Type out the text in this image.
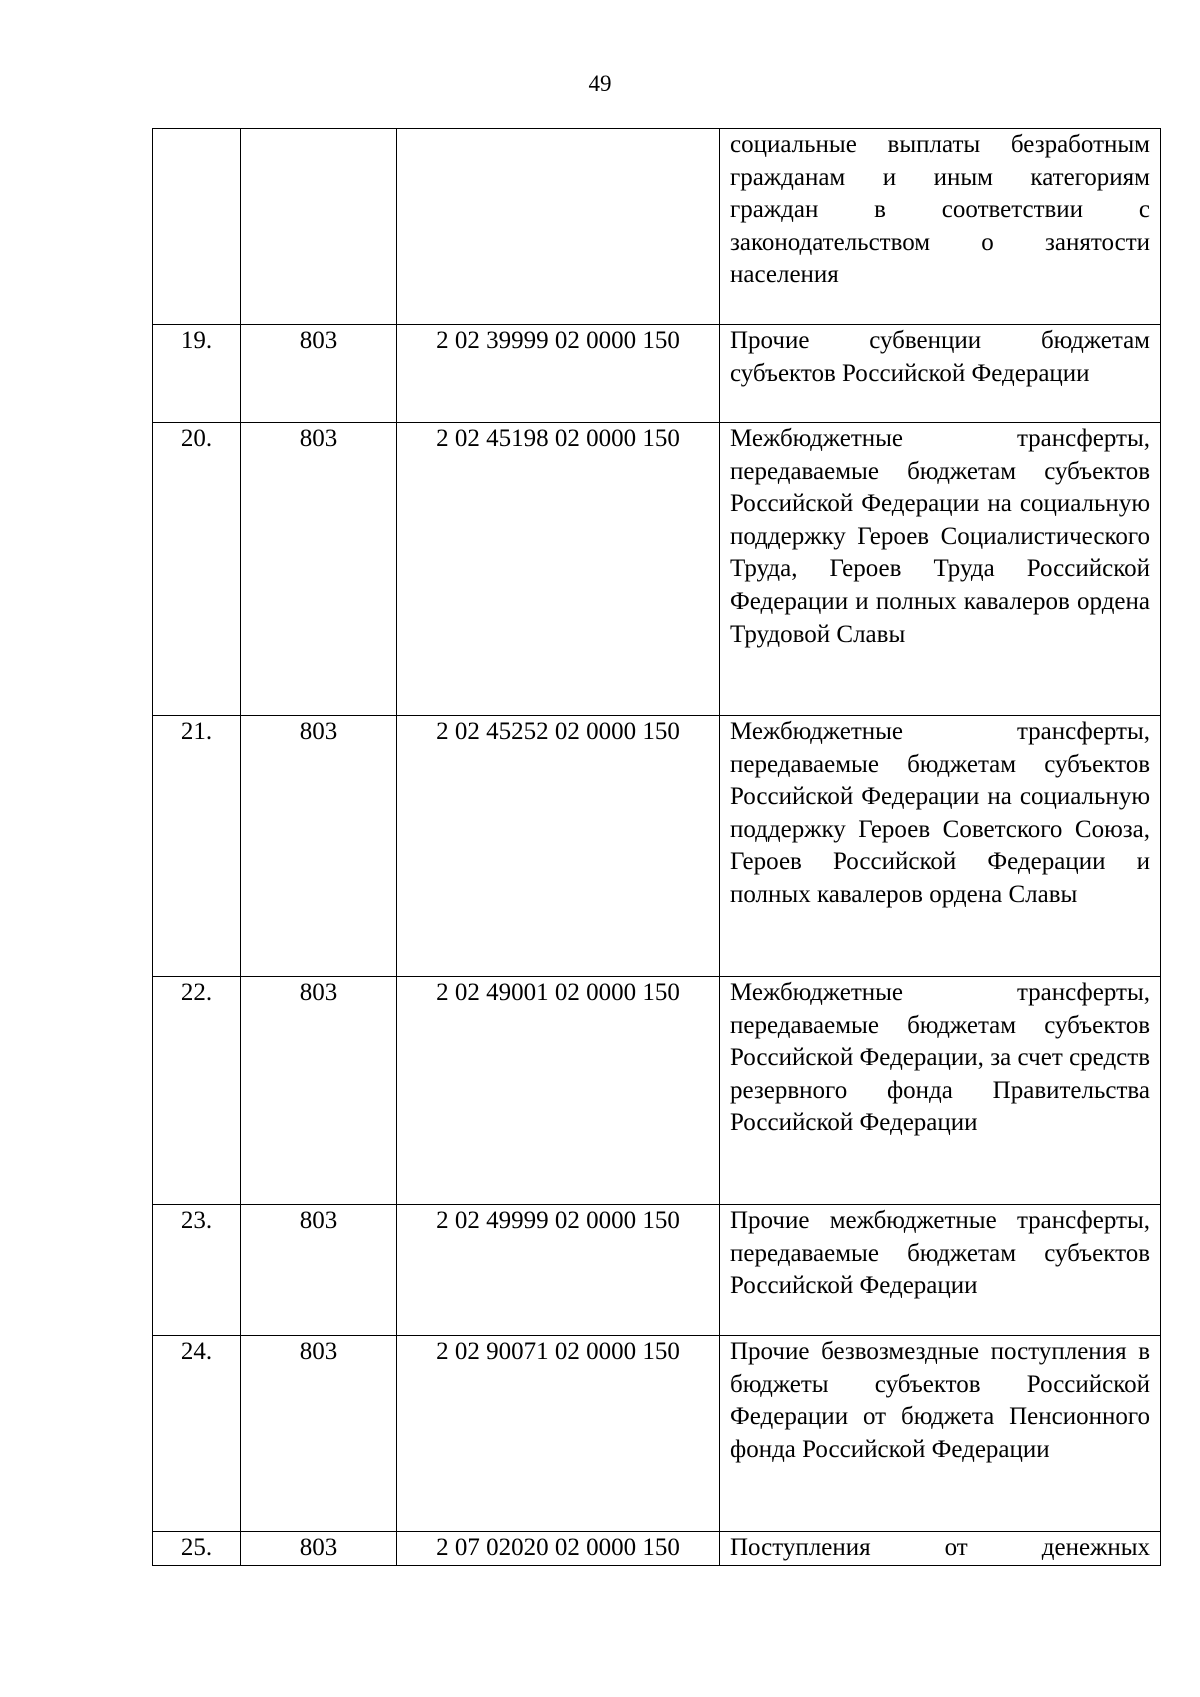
49

			социальные выплаты безработным гражданам и иным категориям граждан в соответствии с законодательством о занятости населения

19.	803	2 02 39999 02 0000 150	Прочие субвенции бюджетам субъектов Российской Федерации

20.	803	2 02 45198 02 0000 150	Межбюджетные трансферты, передаваемые бюджетам субъектов Российской Федерации на социальную поддержку Героев Социалистического Труда, Героев Труда Российской Федерации и полных кавалеров ордена Трудовой Славы

21.	803	2 02 45252 02 0000 150	Межбюджетные трансферты, передаваемые бюджетам субъектов Российской Федерации на социальную поддержку Героев Советского Союза, Героев Российской Федерации и полных кавалеров ордена Славы

22.	803	2 02 49001 02 0000 150	Межбюджетные трансферты, передаваемые бюджетам субъектов Российской Федерации, за счет средств резервного фонда Правительства Российской Федерации

23.	803	2 02 49999 02 0000 150	Прочие межбюджетные трансферты, передаваемые бюджетам субъектов Российской Федерации

24.	803	2 02 90071 02 0000 150	Прочие безвозмездные поступления в бюджеты субъектов Российской Федерации от бюджета Пенсионного фонда Российской Федерации

25.	803	2 07 02020 02 0000 150	Поступления от денежных
